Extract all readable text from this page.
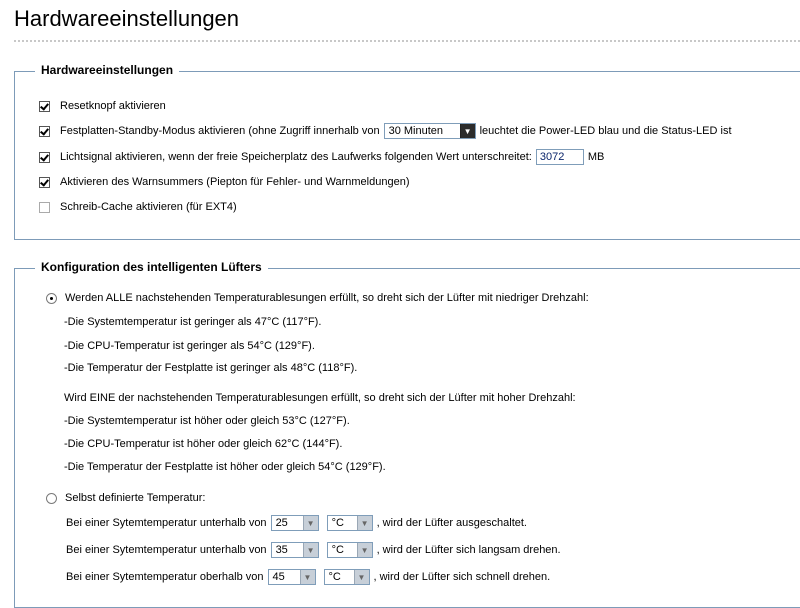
Hardwareeinstellungen
Hardwareeinstellungen
Resetknopf aktivieren
Festplatten-Standby-Modus aktivieren (ohne Zugriff innerhalb von 30 Minuten	▼ leuchtet die Power-LED blau und die Status-LED ist
Lichtsignal aktivieren, wenn der freie Speicherplatz des Laufwerks folgenden Wert unterschreitet: 3072	MB
Aktivieren des Warnsummers (Piepton für Fehler- und Warnmeldungen)
Schreib-Cache aktivieren (für EXT4)
Konfiguration des intelligenten Lüfters
Werden ALLE nachstehenden Temperaturablesungen erfüllt, so dreht sich der Lüfter mit niedriger Drehzahl:
-Die Systemtemperatur ist geringer als 47°C (117°F).
-Die CPU-Temperatur ist geringer als 54°C (129°F).
-Die Temperatur der Festplatte ist geringer als 48°C (118°F).
Wird EINE der nachstehenden Temperaturablesungen erfüllt, so dreht sich der Lüfter mit hoher Drehzahl:
-Die Systemtemperatur ist höher oder gleich 53°C (127°F).
-Die CPU-Temperatur ist höher oder gleich 62°C (144°F).
-Die Temperatur der Festplatte ist höher oder gleich 54°C (129°F).
Selbst definierte Temperatur:
Bei einer Sytemtemperatur unterhalb von 25	▼	°C	▼ , wird der Lüfter ausgeschaltet.
Bei einer Sytemtemperatur unterhalb von 35	▼	°C	▼ , wird der Lüfter sich langsam drehen.
Bei einer Sytemtemperatur oberhalb von 45	▼	°C	▼ , wird der Lüfter sich schnell drehen.
